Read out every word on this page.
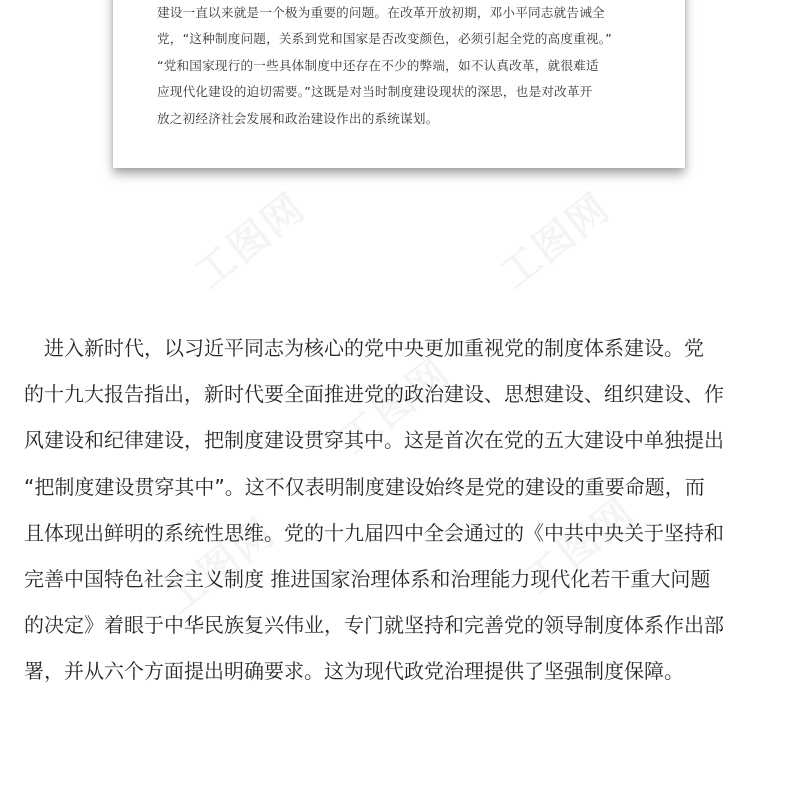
建设一直以来就是一个极为重要的问题。在改革开放初期，邓小平同志就告诫全
党，“这种制度问题，关系到党和国家是否改变颜色，必须引起全党的高度重视。”
“党和国家现行的一些具体制度中还存在不少的弊端，如不认真改革，就很难适
应现代化建设的迫切需要。”这既是对当时制度建设现状的深思，也是对改革开
放之初经济社会发展和政治建设作出的系统谋划。
　进入新时代，以习近平同志为核心的党中央更加重视党的制度体系建设。党
的十九大报告指出，新时代要全面推进党的政治建设、思想建设、组织建设、作
风建设和纪律建设，把制度建设贯穿其中。这是首次在党的五大建设中单独提出
“把制度建设贯穿其中”。这不仅表明制度建设始终是党的建设的重要命题，而
且体现出鲜明的系统性思维。党的十九届四中全会通过的《中共中央关于坚持和
完善中国特色社会主义制度 推进国家治理体系和治理能力现代化若干重大问题
的决定》着眼于中华民族复兴伟业，专门就坚持和完善党的领导制度体系作出部
署，并从六个方面提出明确要求。这为现代政党治理提供了坚强制度保障。
